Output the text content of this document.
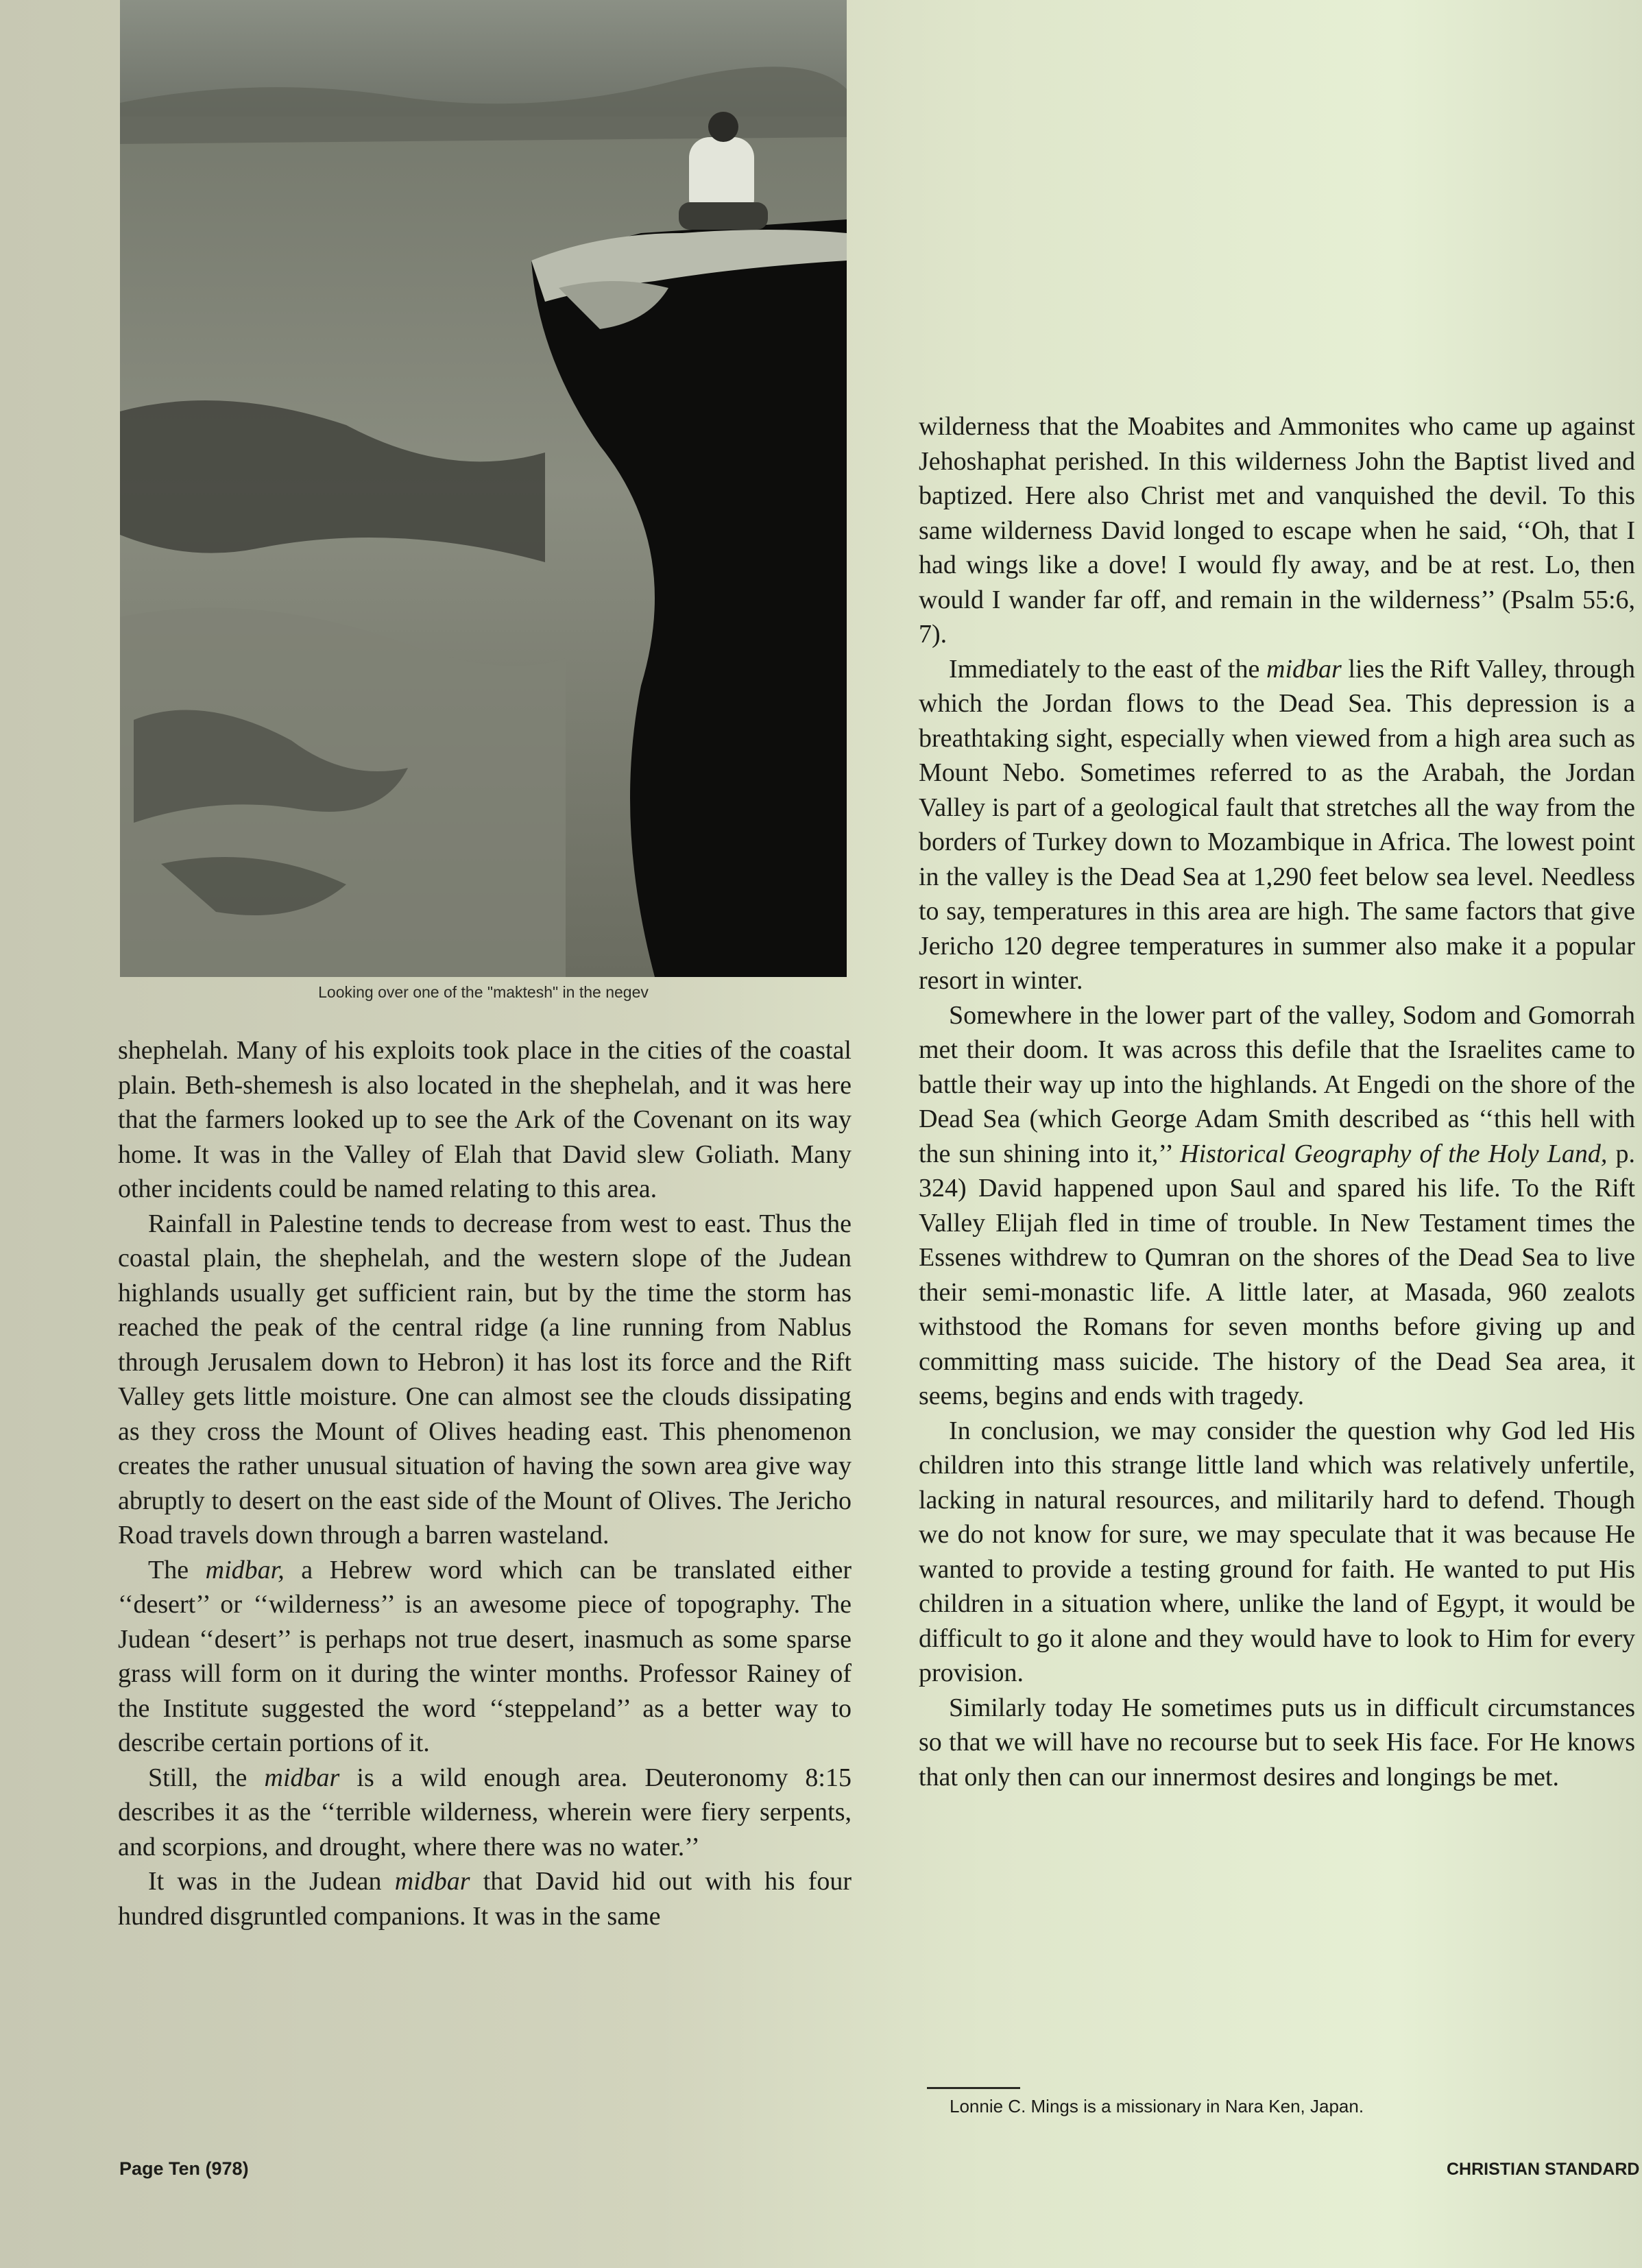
Looking over one of the "maktesh" in the negev

shephelah. Many of his exploits took place in the cities of the coastal plain. Beth-shemesh is also located in the shephelah, and it was here that the farmers looked up to see the Ark of the Covenant on its way home. It was in the Valley of Elah that David slew Goliath. Many other incidents could be named relating to this area.

Rainfall in Palestine tends to decrease from west to east. Thus the coastal plain, the shephelah, and the western slope of the Judean highlands usually get sufficient rain, but by the time the storm has reached the peak of the central ridge (a line running from Nablus through Jerusalem down to Hebron) it has lost its force and the Rift Valley gets little moisture. One can almost see the clouds dissipating as they cross the Mount of Olives heading east. This phenomenon creates the rather unusual situation of having the sown area give way abruptly to desert on the east side of the Mount of Olives. The Jericho Road travels down through a barren wasteland.

The midbar, a Hebrew word which can be translated either ‘‘desert’’ or ‘‘wilderness’’ is an awesome piece of topography. The Judean ‘‘desert’’ is perhaps not true desert, inasmuch as some sparse grass will form on it during the winter months. Professor Rainey of the Institute suggested the word ‘‘steppeland’’ as a better way to describe certain portions of it.

Still, the midbar is a wild enough area. Deuteronomy 8:15 describes it as the ‘‘terrible wilderness, wherein were fiery serpents, and scorpions, and drought, where there was no water.’’

It was in the Judean midbar that David hid out with his four hundred disgruntled companions. It was in the same

wilderness that the Moabites and Ammonites who came up against Jehoshaphat perished. In this wilderness John the Baptist lived and baptized. Here also Christ met and vanquished the devil. To this same wilderness David longed to escape when he said, ‘‘Oh, that I had wings like a dove! I would fly away, and be at rest. Lo, then would I wander far off, and remain in the wilderness’’ (Psalm 55:6, 7).

Immediately to the east of the midbar lies the Rift Valley, through which the Jordan flows to the Dead Sea. This depression is a breathtaking sight, especially when viewed from a high area such as Mount Nebo. Sometimes referred to as the Arabah, the Jordan Valley is part of a geological fault that stretches all the way from the borders of Turkey down to Mozambique in Africa. The lowest point in the valley is the Dead Sea at 1,290 feet below sea level. Needless to say, temperatures in this area are high. The same factors that give Jericho 120 degree temperatures in summer also make it a popular resort in winter.

Somewhere in the lower part of the valley, Sodom and Gomorrah met their doom. It was across this defile that the Israelites came to battle their way up into the highlands. At Engedi on the shore of the Dead Sea (which George Adam Smith described as ‘‘this hell with the sun shining into it,’’ Historical Geography of the Holy Land, p. 324) David happened upon Saul and spared his life. To the Rift Valley Elijah fled in time of trouble. In New Testament times the Essenes withdrew to Qumran on the shores of the Dead Sea to live their semi-monastic life. A little later, at Masada, 960 zealots withstood the Romans for seven months before giving up and committing mass suicide. The history of the Dead Sea area, it seems, begins and ends with tragedy.

In conclusion, we may consider the question why God led His children into this strange little land which was relatively unfertile, lacking in natural resources, and militarily hard to defend. Though we do not know for sure, we may speculate that it was because He wanted to provide a testing ground for faith. He wanted to put His children in a situation where, unlike the land of Egypt, it would be difficult to go it alone and they would have to look to Him for every provision.

Similarly today He sometimes puts us in difficult circumstances so that we will have no recourse but to seek His face. For He knows that only then can our innermost desires and longings be met.

Lonnie C. Mings is a missionary in Nara Ken, Japan.
Page Ten (978)	CHRISTIAN STANDARD
